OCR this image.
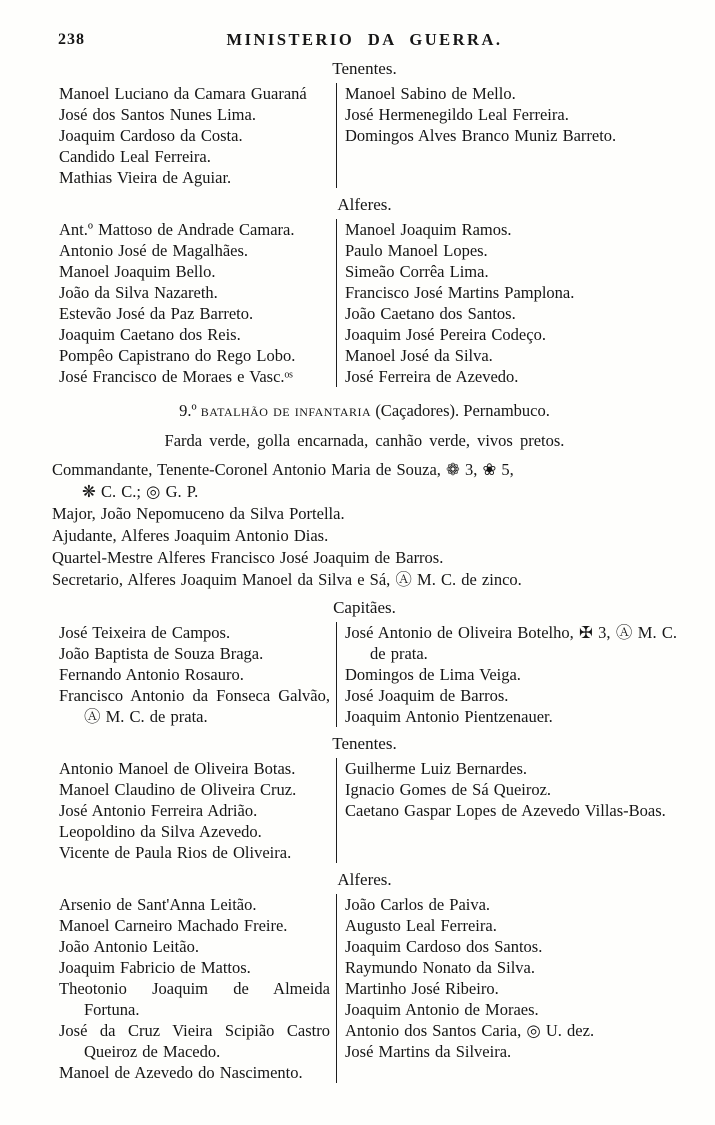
238	MINISTERIO DA GUERRA.
Tenentes.

Manoel Luciano da Camara Guaraná

José dos Santos Nunes Lima.

Joaquim Cardoso da Costa.

Candido Leal Ferreira.

Mathias Vieira de Aguiar.

Manoel Sabino de Mello.

José Hermenegildo Leal Ferreira.

Domingos Alves Branco Muniz Barreto.

Alferes.

Ant.º Mattoso de Andrade Camara.

Antonio José de Magalhães.

Manoel Joaquim Bello.

João da Silva Nazareth.

Estevão José da Paz Barreto.

Joaquim Caetano dos Reis.

Pompêo Capistrano do Rego Lobo.

José Francisco de Moraes e Vasc.ᵒˢ

Manoel Joaquim Ramos.

Paulo Manoel Lopes.

Simeão Corrêa Lima.

Francisco José Martins Pamplona.

João Caetano dos Santos.

Joaquim José Pereira Codeço.

Manoel José da Silva.

José Ferreira de Azevedo.

9.º batalhão de infantaria (Caçadores). Pernambuco.

Farda verde, golla encarnada, canhão verde, vivos pretos.

Commandante, Tenente-Coronel Antonio Maria de Souza, ❁ 3, ❀ 5,

❋ C. C.; ◎ G. P.

Major, João Nepomuceno da Silva Portella.

Ajudante, Alferes Joaquim Antonio Dias.

Quartel-Mestre Alferes Francisco José Joaquim de Barros.

Secretario, Alferes Joaquim Manoel da Silva e Sá, Ⓐ M. C. de zinco.

Capitães.

José Teixeira de Campos.

João Baptista de Souza Braga.

Fernando Antonio Rosauro.

Francisco Antonio da Fonseca Galvão, Ⓐ M. C. de prata.

José Antonio de Oliveira Botelho, ✠ 3, Ⓐ M. C. de prata.

Domingos de Lima Veiga.

José Joaquim de Barros.

Joaquim Antonio Pientzenauer.

Tenentes.

Antonio Manoel de Oliveira Botas.

Manoel Claudino de Oliveira Cruz.

José Antonio Ferreira Adrião.

Leopoldino da Silva Azevedo.

Vicente de Paula Rios de Oliveira.

Guilherme Luiz Bernardes.

Ignacio Gomes de Sá Queiroz.

Caetano Gaspar Lopes de Azevedo Villas-Boas.

Alferes.

Arsenio de Sant'Anna Leitão.

Manoel Carneiro Machado Freire.

João Antonio Leitão.

Joaquim Fabricio de Mattos.

Theotonio Joaquim de Almeida Fortuna.

José da Cruz Vieira Scipião Castro Queiroz de Macedo.

Manoel de Azevedo do Nascimento.

João Carlos de Paiva.

Augusto Leal Ferreira.

Joaquim Cardoso dos Santos.

Raymundo Nonato da Silva.

Martinho José Ribeiro.

Joaquim Antonio de Moraes.

Antonio dos Santos Caria, ◎ U. dez.

José Martins da Silveira.
